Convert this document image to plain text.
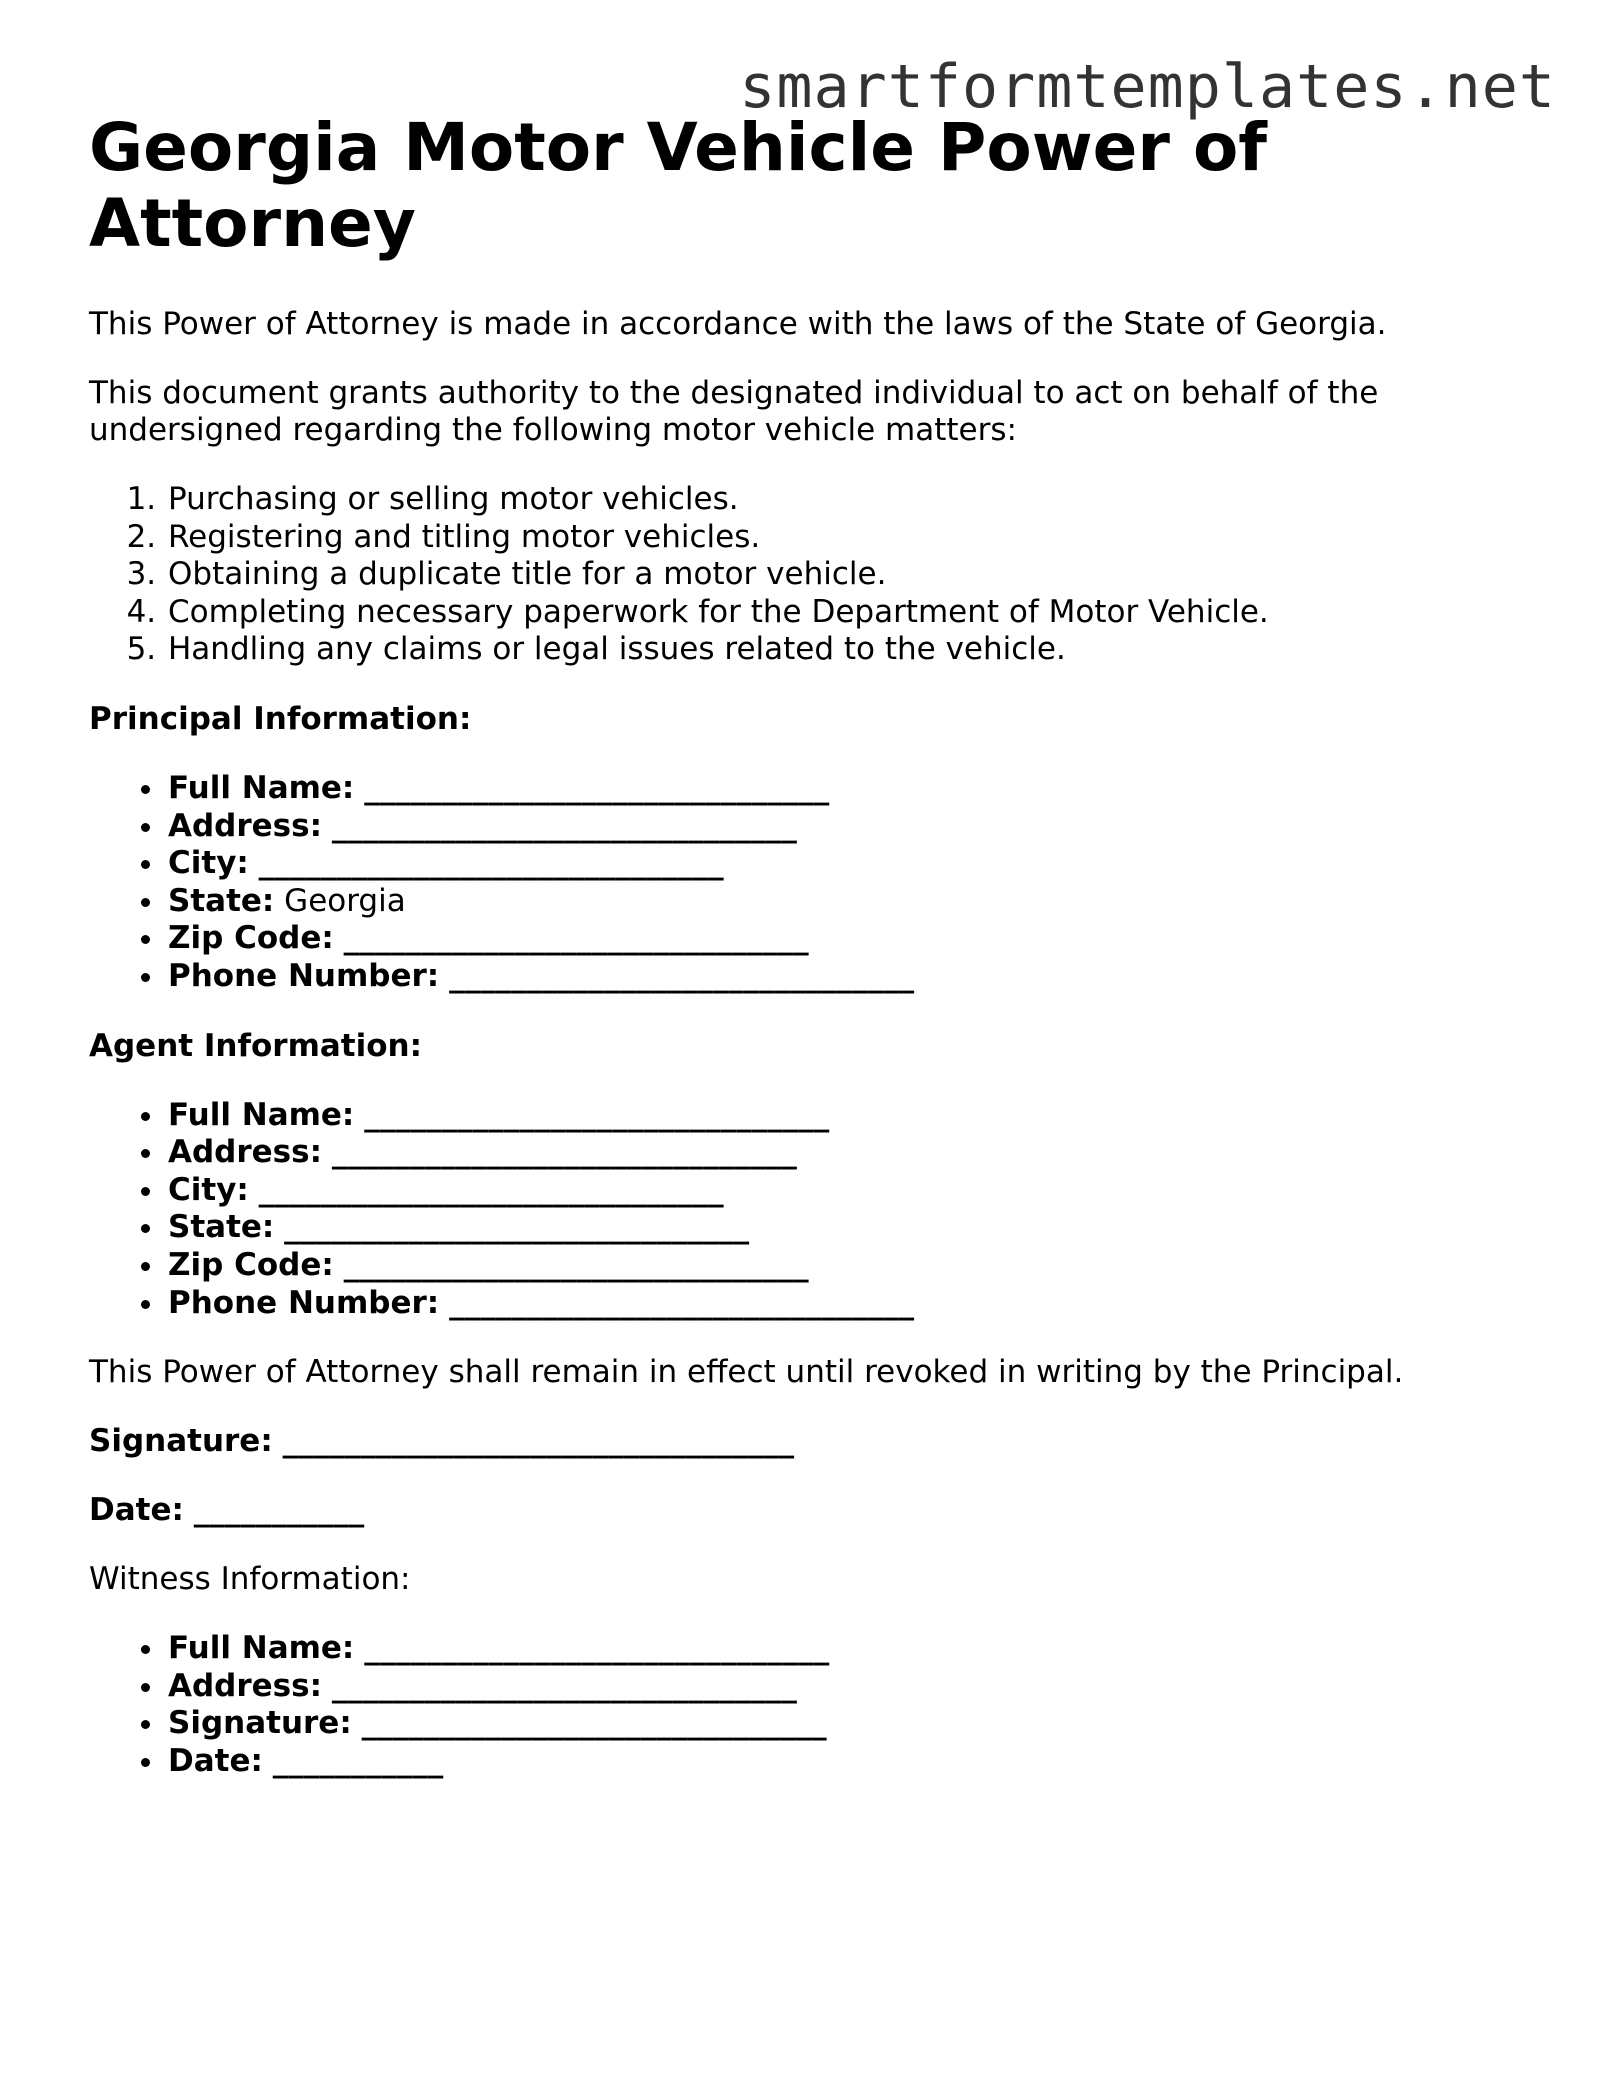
smartformtemplates.net
Georgia Motor Vehicle Power of Attorney

This Power of Attorney is made in accordance with the laws of the State of Georgia.

This document grants authority to the designated individual to act on behalf of the undersigned regarding the following motor vehicle matters:

1. Purchasing or selling motor vehicles.
2. Registering and titling motor vehicles.
3. Obtaining a duplicate title for a motor vehicle.
4. Completing necessary paperwork for the Department of Motor Vehicle.
5. Handling any claims or legal issues related to the vehicle.

Principal Information:

• Full Name: ______________________________
• Address: ______________________________
• City: ______________________________
• State: Georgia
• Zip Code: ______________________________
• Phone Number: ______________________________

Agent Information:

• Full Name: ______________________________
• Address: ______________________________
• City: ______________________________
• State: ______________________________
• Zip Code: ______________________________
• Phone Number: ______________________________

This Power of Attorney shall remain in effect until revoked in writing by the Principal.

Signature: _________________________________

Date: ___________

Witness Information:

• Full Name: ______________________________
• Address: ______________________________
• Signature: ______________________________
• Date: ___________
